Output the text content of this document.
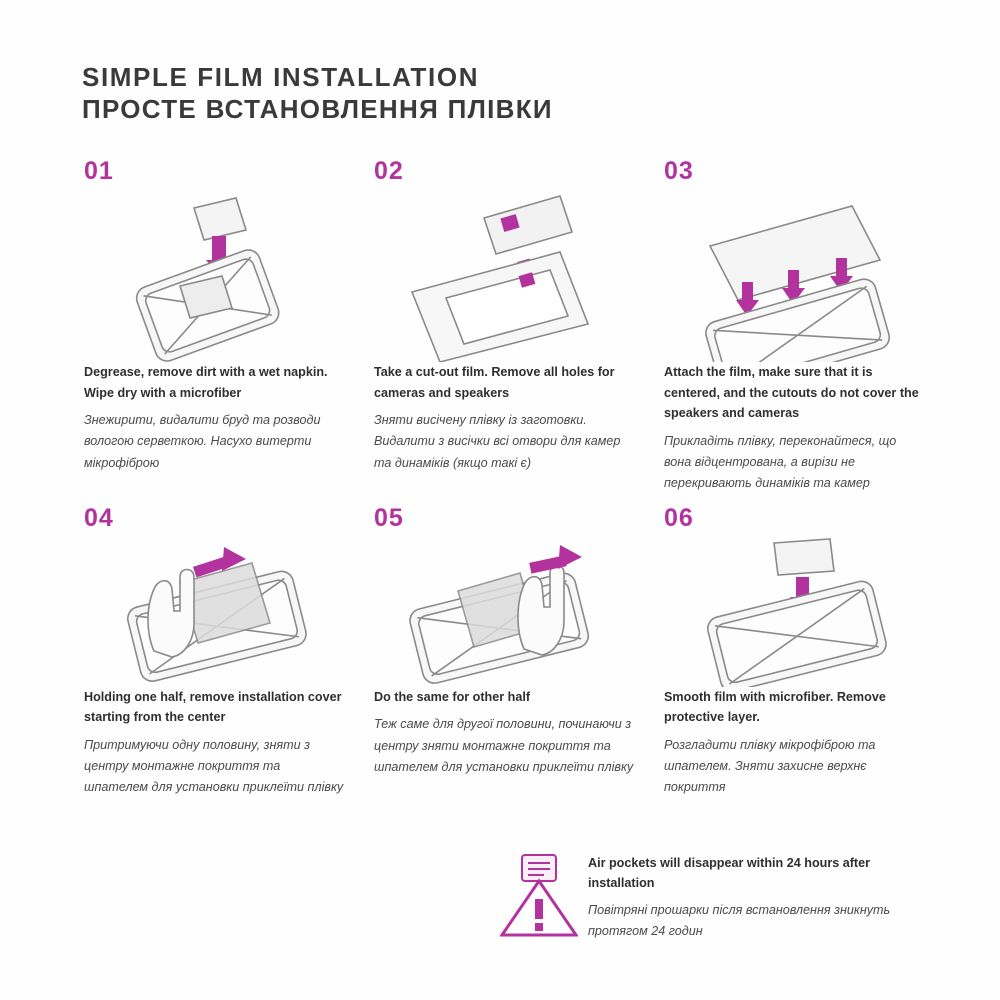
SIMPLE FILM INSTALLATION
ПРОСТЕ ВСТАНОВЛЕННЯ ПЛІВКИ
01
Degrease, remove dirt with a wet napkin. Wipe dry with a microfiber
Знежирити, видалити бруд та розводи вологою серветкою. Насухо витерти мікрофіброю
02
Take a cut-out film. Remove all holes for cameras and speakers
Зняти висічену плівку із заготовки. Видалити з висічки всі отвори для камер та динаміків (якщо такі є)
03
Attach the film, make sure that it is centered, and the cutouts do not cover the speakers and cameras
Прикладіть плівку, переконайтеся, що вона відцентрована, а вирізи не перекривають динаміків та камер
04
Holding one half, remove installation cover starting from the center
Притримуючи одну половину, зняти з центру монтажне покриття та шпателем для установки приклеїти плівку
05
Do the same for other half
Теж саме для другої половини, починаючи з центру зняти монтажне покриття та шпателем для установки приклеїти плівку
06
Smooth film with microfiber. Remove protective layer.
Розгладити плівку мікрофіброю та шпателем. Зняти захисне верхнє покриття
Air pockets will disappear within 24 hours after installation
Повітряні прошарки після встановлення зникнуть протягом 24 годин
